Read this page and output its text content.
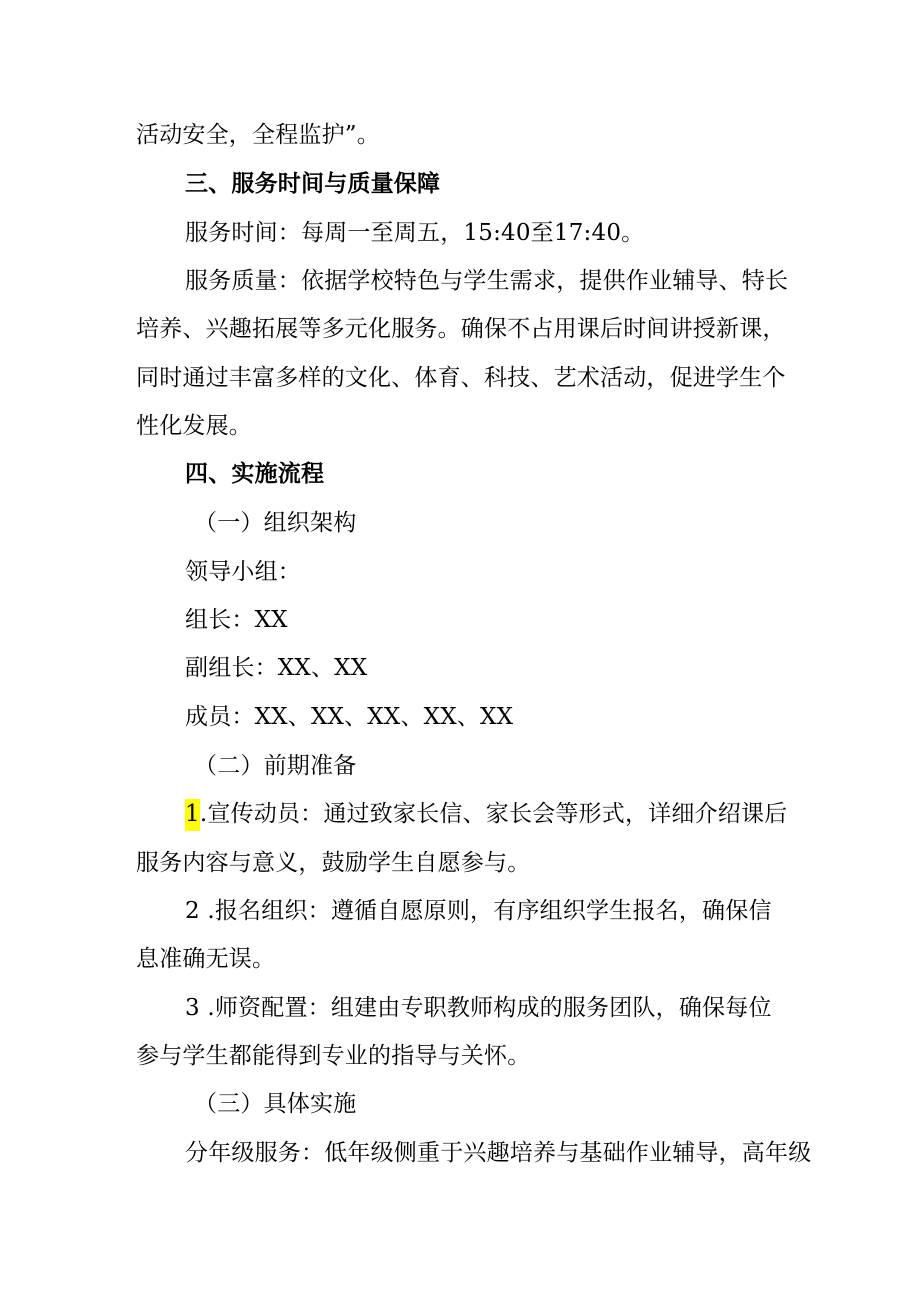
活动安全，全程监护”。
三、服务时间与质量保障
服务时间：每周一至周五，15:40至17:40。
服务质量：依据学校特色与学生需求，提供作业辅导、特长
培养、兴趣拓展等多元化服务。确保不占用课后时间讲授新课，
同时通过丰富多样的文化、体育、科技、艺术活动，促进学生个
性化发展。
四、实施流程
（一）组织架构
领导小组：
组长：XX
副组长：XX、XX
成员：XX、XX、XX、XX、XX
（二）前期准备
1.宣传动员：通过致家长信、家长会等形式，详细介绍课后
服务内容与意义，鼓励学生自愿参与。
2 .报名组织：遵循自愿原则，有序组织学生报名，确保信
息准确无误。
3 .师资配置：组建由专职教师构成的服务团队，确保每位
参与学生都能得到专业的指导与关怀。
（三）具体实施
分年级服务：低年级侧重于兴趣培养与基础作业辅导，高年级
